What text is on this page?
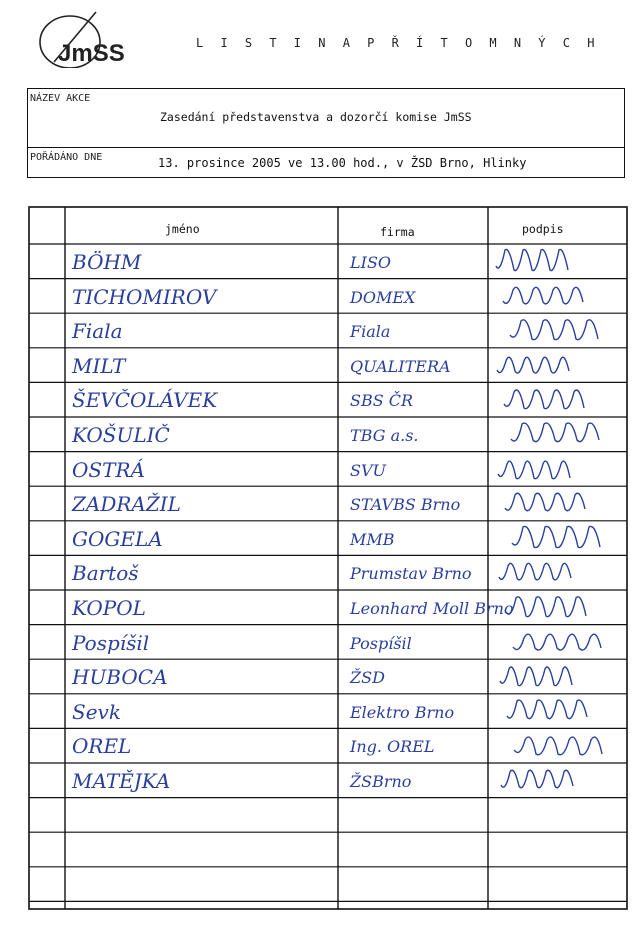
JmSS	L I S T I N A P Ř Í T O M N Ý C H
NÁZEV AKCE
Zasedání představenstva a dozorčí komise JmSS
POŘÁDÁNO DNE	13. prosince 2005 ve 13.00 hod., v ŽSD Brno, Hlinky
jméno	firma	podpis
BÖHM	LISO
TICHOMIROV	DOMEX
Fiala	Fiala
MILT	QUALITERA
ŠEVČOLÁVEK	SBS ČR
KOŠULIČ	TBG a.s.
OSTRÁ	SVU
ZADRAŽIL	STAVBS Brno
GOGELA	MMB
Bartoš	Prumstav Brno
KOPOL	Leonhard Moll Brno
Pospíšil	Pospíšil
HUBOCA	ŽSD
Sevk	Elektro Brno
OREL	Ing. OREL
MATĚJKA	ŽSBrno
